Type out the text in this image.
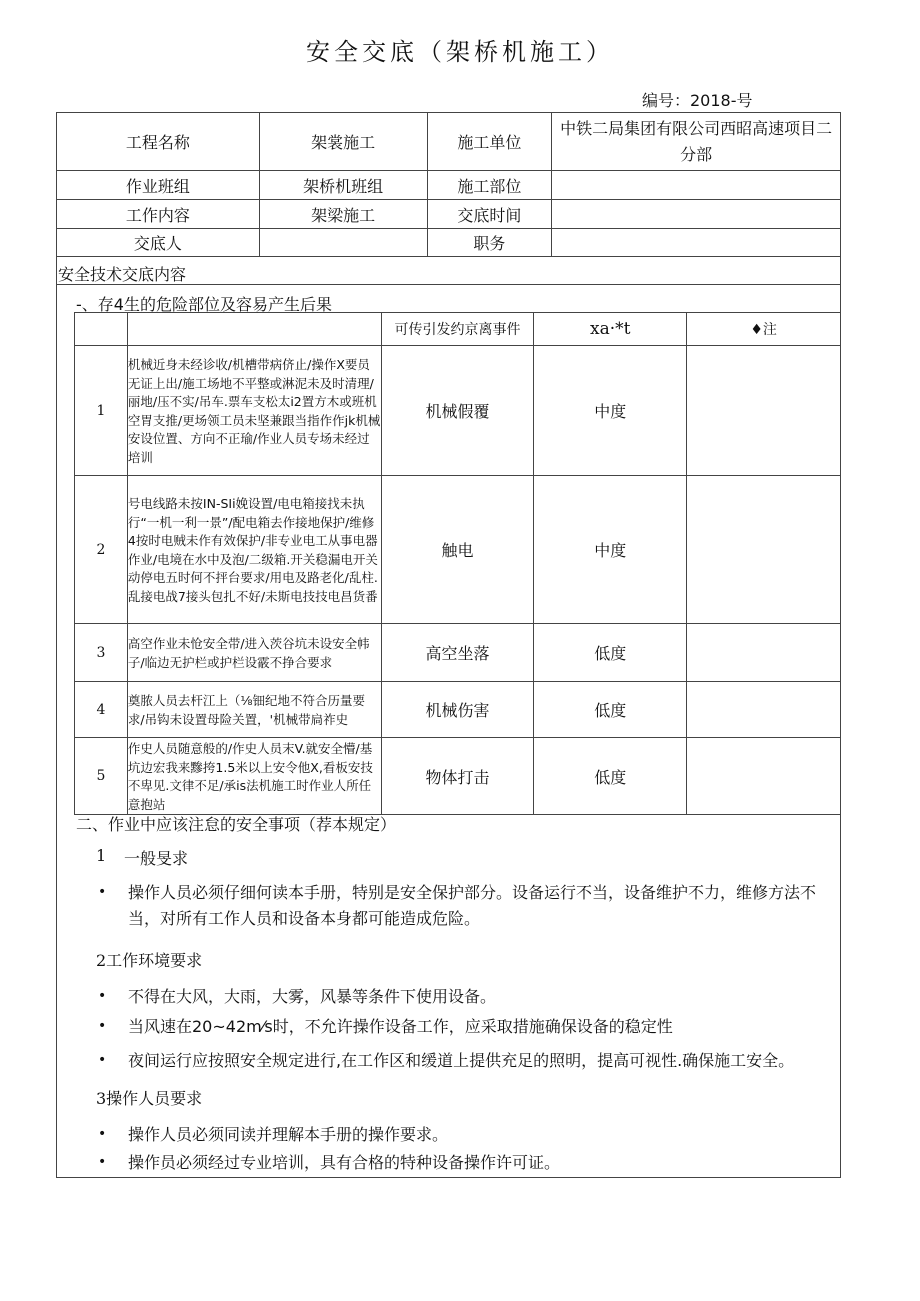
安全交底（架桥机施工）
编号：2018-号
工程名称	架裳施工	施工单位	中铁二局集团有限公司西昭高速项目二分部
作业班组	架桥机班组	施工部位	
工作内容	架梁施工	交底时间	
交底人		职务	
安全技术交底内容
-、存4生的危险部位及容易产生后果
		可传引发约京离事件	xa·*t	♦注
1	机械近身未经诊收/机槽带病侪止/操作X要员无证上出/施工场地不平整或淋泥未及时清理/丽地/压不实/吊车.票车支松太i2置方木或班机空胃支推/更场领工员未坚兼跟当指作作jk机械安设位置、方向不正瑜/作业人员专场未经过培训	机械假覆	中度	
2	号电线路未按IN-SIi娩设置/电电箱接找未执行“一机一利一景”/配电箱去作接地保护/维修4按时电贼未作有效保护/非专业电工从事电器作业/电境在水中及泡/二级箱.开关稳漏电开关动停电五时何不抨台要求/用电及路老化/乱柱.乱接电战7接头包扎不好/未斯电技技电昌货番	触电	中度	
3	高空作业未怆安全带/进入茨谷坑未设安全帏子/临边无护栏或护栏设霰不挣合要求	高空坐落	低度	
4	奠脓人员去杆江上（⅛钿纪地不符合历量要求/吊钩未设置母险关置，'机械带扃祚史	机械伤害	低度	
5	作史人员随意般的/作史人员末V.就安全懵/基坑边宏我来黲挎1.5米以上安令他X,看板安技不卑见.文律不足/承is法机施工时作业人所任意抱站	物体打击	低度	
二、作业中应该注怠的安全事项（荐本规定）
1 一般旻求
• 操作人员必须仔细何读本手册，特别是安全保护部分。设备运行不当，设备维护不力，维修方法不当，对所有工作人员和设备本身都可能造成危险。
2工作环境要求
• 不得在大风，大雨，大雾，风暴等条件下使用设备。
• 当风速在20~42m⁄s时，不允许操作设备工作，应采取措施确保设备的稳定性
• 夜间运行应按照安全规定进行,在工作区和缓道上提供充足的照明，提高可视性.确保施工安全。
3操作人员要求
• 操作人员必须同读并理解本手册的操作要求。
• 操作员必须经过专业培训，具有合格的特种设备操作许可证。
